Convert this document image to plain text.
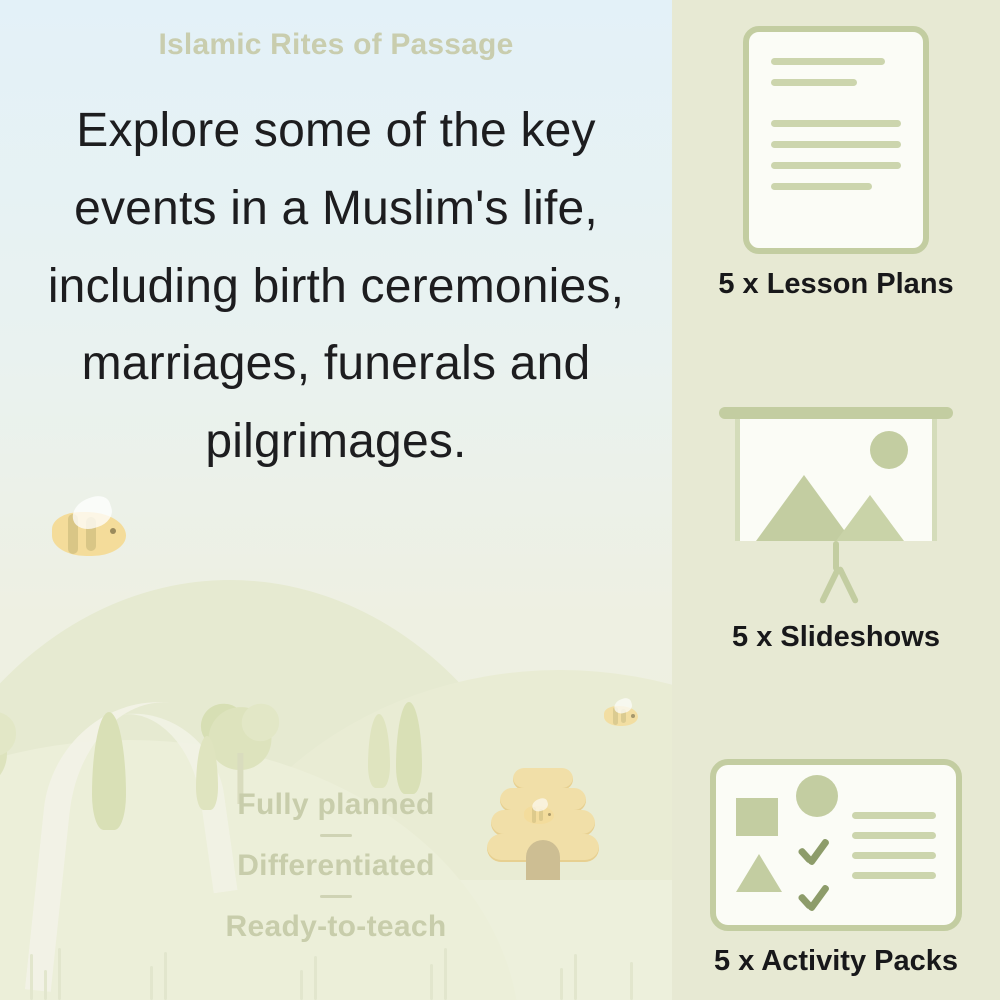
Islamic Rites of Passage
Explore some of the key events in a Muslim's life, including birth ceremonies, marriages, funerals and pilgrimages.
Fully planned
Differentiated
Ready-to-teach
5 x Lesson Plans
5 x Slideshows
5 x Activity Packs
